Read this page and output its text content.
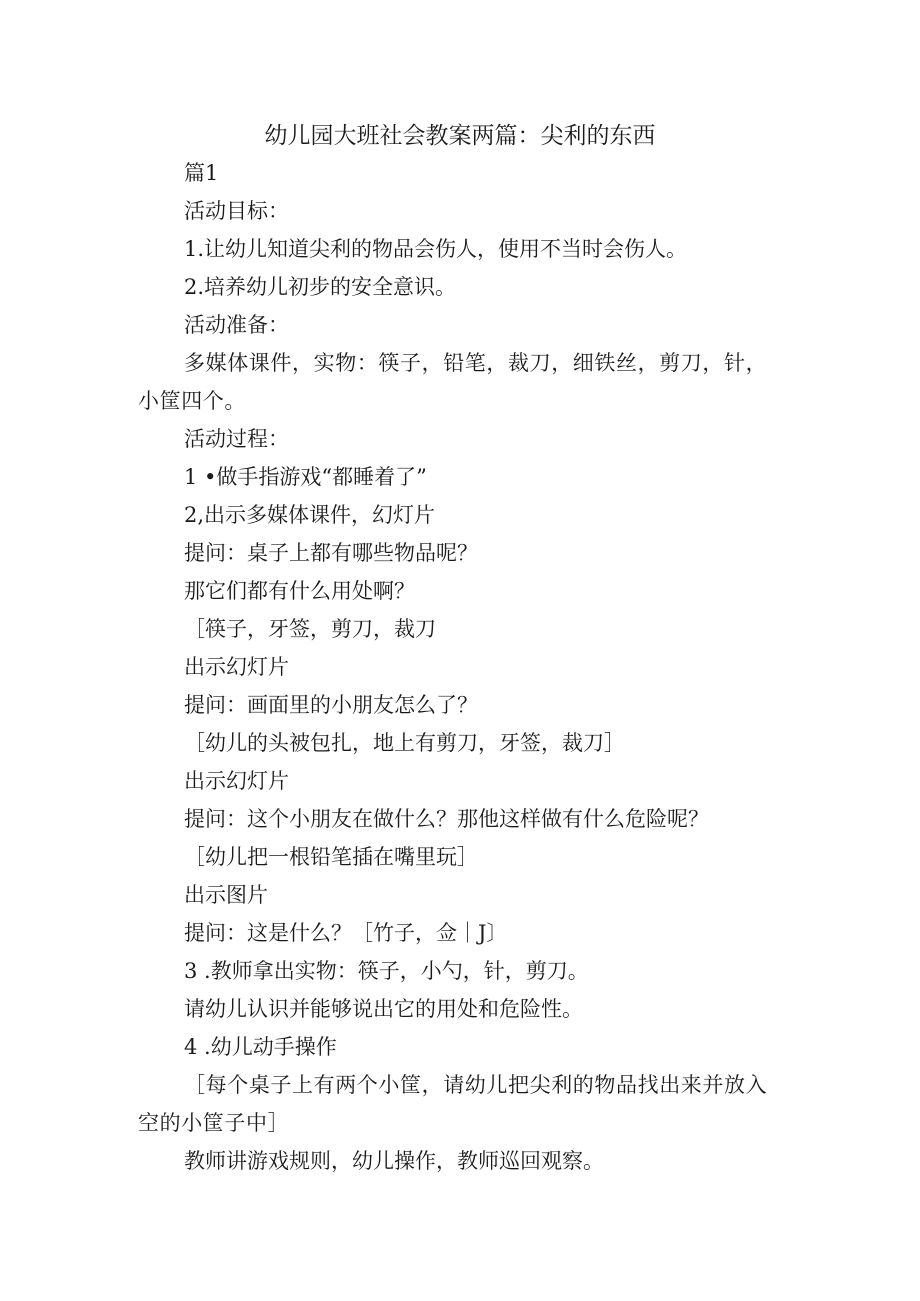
幼儿园大班社会教案两篇：尖利的东西
篇1
活动目标：
1.让幼儿知道尖利的物品会伤人，使用不当时会伤人。
2.培养幼儿初步的安全意识。
活动准备：
多媒体课件，实物：筷子，铅笔，裁刀，细铁丝，剪刀，针，小筐四个。
活动过程：
1 •做手指游戏“都睡着了”
2,出示多媒体课件，幻灯片
提问：桌子上都有哪些物品呢？
那它们都有什么用处啊？
［筷子，牙签，剪刀，裁刀
出示幻灯片
提问：画面里的小朋友怎么了？
［幼儿的头被包扎，地上有剪刀，牙签，裁刀］
出示幻灯片
提问：这个小朋友在做什么？那他这样做有什么危险呢？
［幼儿把一根铅笔插在嘴里玩］
出示图片
提问：这是什么？［竹子，佥｜J〕
3 .教师拿出实物：筷子，小勺，针，剪刀。
请幼儿认识并能够说出它的用处和危险性。
4 .幼儿动手操作
［每个桌子上有两个小筐，请幼儿把尖利的物品找出来并放入空的小筐子中］
教师讲游戏规则，幼儿操作，教师巡回观察。
